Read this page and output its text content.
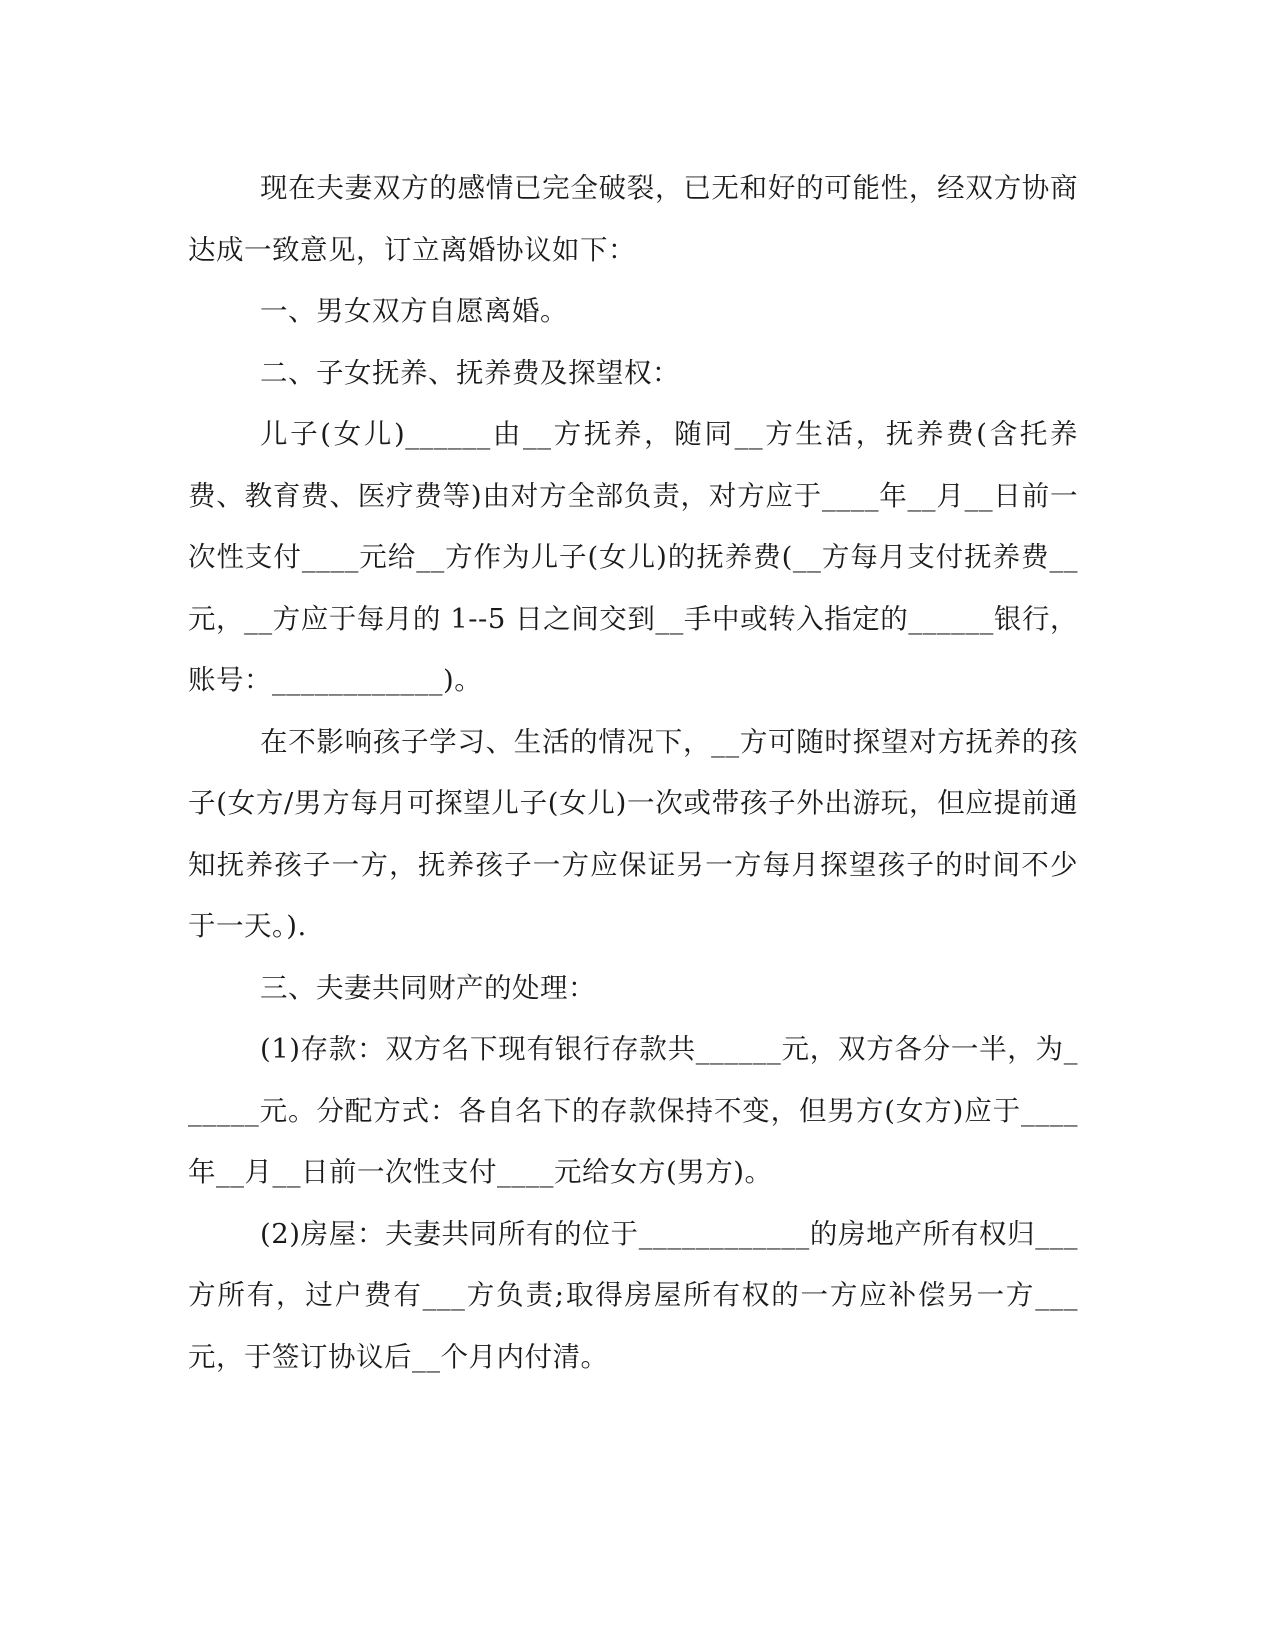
现在夫妻双方的感情已完全破裂，已无和好的可能性，经双方协商达成一致意见，订立离婚协议如下：

一、男女双方自愿离婚。

二、子女抚养、抚养费及探望权：

儿子(女儿)______由__方抚养，随同__方生活，抚养费(含托养费、教育费、医疗费等)由对方全部负责，对方应于____年__月__日前一次性支付____元给__方作为儿子(女儿)的抚养费(__方每月支付抚养费__元，__方应于每月的 1--5 日之间交到__手中或转入指定的______银行，账号：____________)。

在不影响孩子学习、生活的情况下，__方可随时探望对方抚养的孩子(女方/男方每月可探望儿子(女儿)一次或带孩子外出游玩，但应提前通知抚养孩子一方，抚养孩子一方应保证另一方每月探望孩子的时间不少于一天。).

三、夫妻共同财产的处理：

(1)存款：双方名下现有银行存款共______元，双方各分一半，为______元。分配方式：各自名下的存款保持不变，但男方(女方)应于____年__月__日前一次性支付____元给女方(男方)。

(2)房屋：夫妻共同所有的位于____________的房地产所有权归___方所有，过户费有___方负责;取得房屋所有权的一方应补偿另一方___元，于签订协议后__个月内付清。
